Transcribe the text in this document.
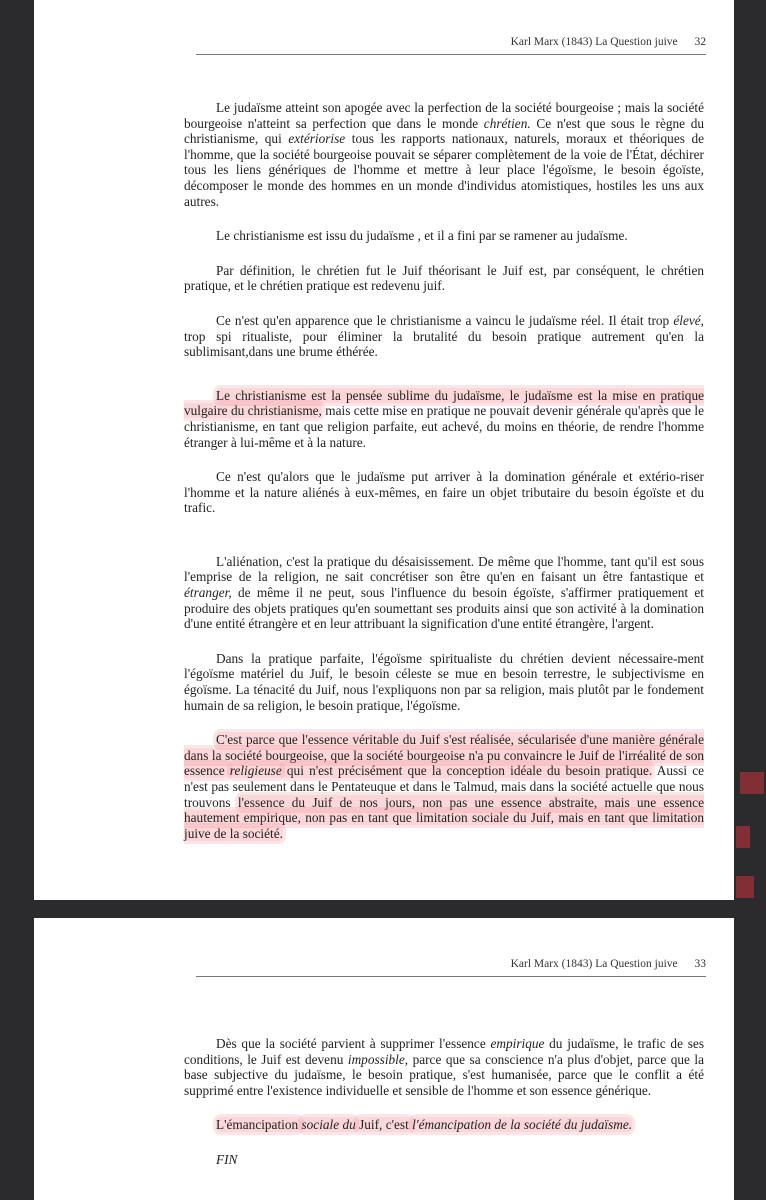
Karl Marx (1843) La Question juive 32

Le judaïsme atteint son apogée avec la perfection de la société bourgeoise ; mais la société bourgeoise n'atteint sa perfection que dans le monde chrétien. Ce n'est que sous le règne du christianisme, qui extériorise tous les rapports nationaux, naturels, moraux et théoriques de l'homme, que la société bourgeoise pouvait se séparer complètement de la voie de l'État, déchirer tous les liens génériques de l'homme et mettre à leur place l'égoïsme, le besoin égoïste, décomposer le monde des hommes en un monde d'individus atomistiques, hostiles les uns aux autres.

Le christianisme est issu du judaïsme , et il a fini par se ramener au judaïsme.

Par définition, le chrétien fut le Juif théorisant le Juif est, par conséquent, le chrétien pratique, et le chrétien pratique est redevenu juif.

Ce n'est qu'en apparence que le christianisme a vaincu le judaïsme réel. Il était trop élevé, trop spi ritualiste, pour éliminer la brutalité du besoin pratique autrement qu'en la sublimisant,dans une brume éthérée.

Le christianisme est la pensée sublime du judaïsme, le judaïsme est la mise en pratique vulgaire du christianisme, mais cette mise en pratique ne pouvait devenir générale qu'après que le christianisme, en tant que religion parfaite, eut achevé, du moins en théorie, de rendre l'homme étranger à lui-même et à la nature.

Ce n'est qu'alors que le judaïsme put arriver à la domination générale et extério-riser l'homme et la nature aliénés à eux-mêmes, en faire un objet tributaire du besoin égoïste et du trafic.

L'aliénation, c'est la pratique du désaisissement. De même que l'homme, tant qu'il est sous l'emprise de la religion, ne sait concrétiser son être qu'en en faisant un être fantastique et étranger, de même il ne peut, sous l'influence du besoin égoïste, s'affirmer pratiquement et produire des objets pratiques qu'en soumettant ses produits ainsi que son activité à la domination d'une entité étrangère et en leur attribuant la signification d'une entité étrangère, l'argent.

Dans la pratique parfaite, l'égoïsme spiritualiste du chrétien devient nécessaire-ment l'égoïsme matériel du Juif, le besoin céleste se mue en besoin terrestre, le subjectivisme en égoïsme. La ténacité du Juif, nous l'expliquons non par sa religion, mais plutôt par le fondement humain de sa religion, le besoin pratique, l'égoïsme.

C'est parce que l'essence véritable du Juif s'est réalisée, sécularisée d'une manière générale dans la société bourgeoise, que la société bourgeoise n'a pu convaincre le Juif de l'irréalité de son essence religieuse qui n'est précisément que la conception idéale du besoin pratique. Aussi ce n'est pas seulement dans le Pentateuque et dans le Talmud, mais dans la société actuelle que nous trouvons l'essence du Juif de nos jours, non pas une essence abstraite, mais une essence hautement empirique, non pas en tant que limitation sociale du Juif, mais en tant que limitation juive de la société.

Karl Marx (1843) La Question juive 33

Dès que la société parvient à supprimer l'essence empirique du judaïsme, le trafic de ses conditions, le Juif est devenu impossible, parce que sa conscience n'a plus d'objet, parce que la base subjective du judaïsme, le besoin pratique, s'est humanisée, parce que le conflit a été supprimé entre l'existence individuelle et sensible de l'homme et son essence générique.

L'émancipation sociale du Juif, c'est l'émancipation de la société du judaïsme.

FIN
